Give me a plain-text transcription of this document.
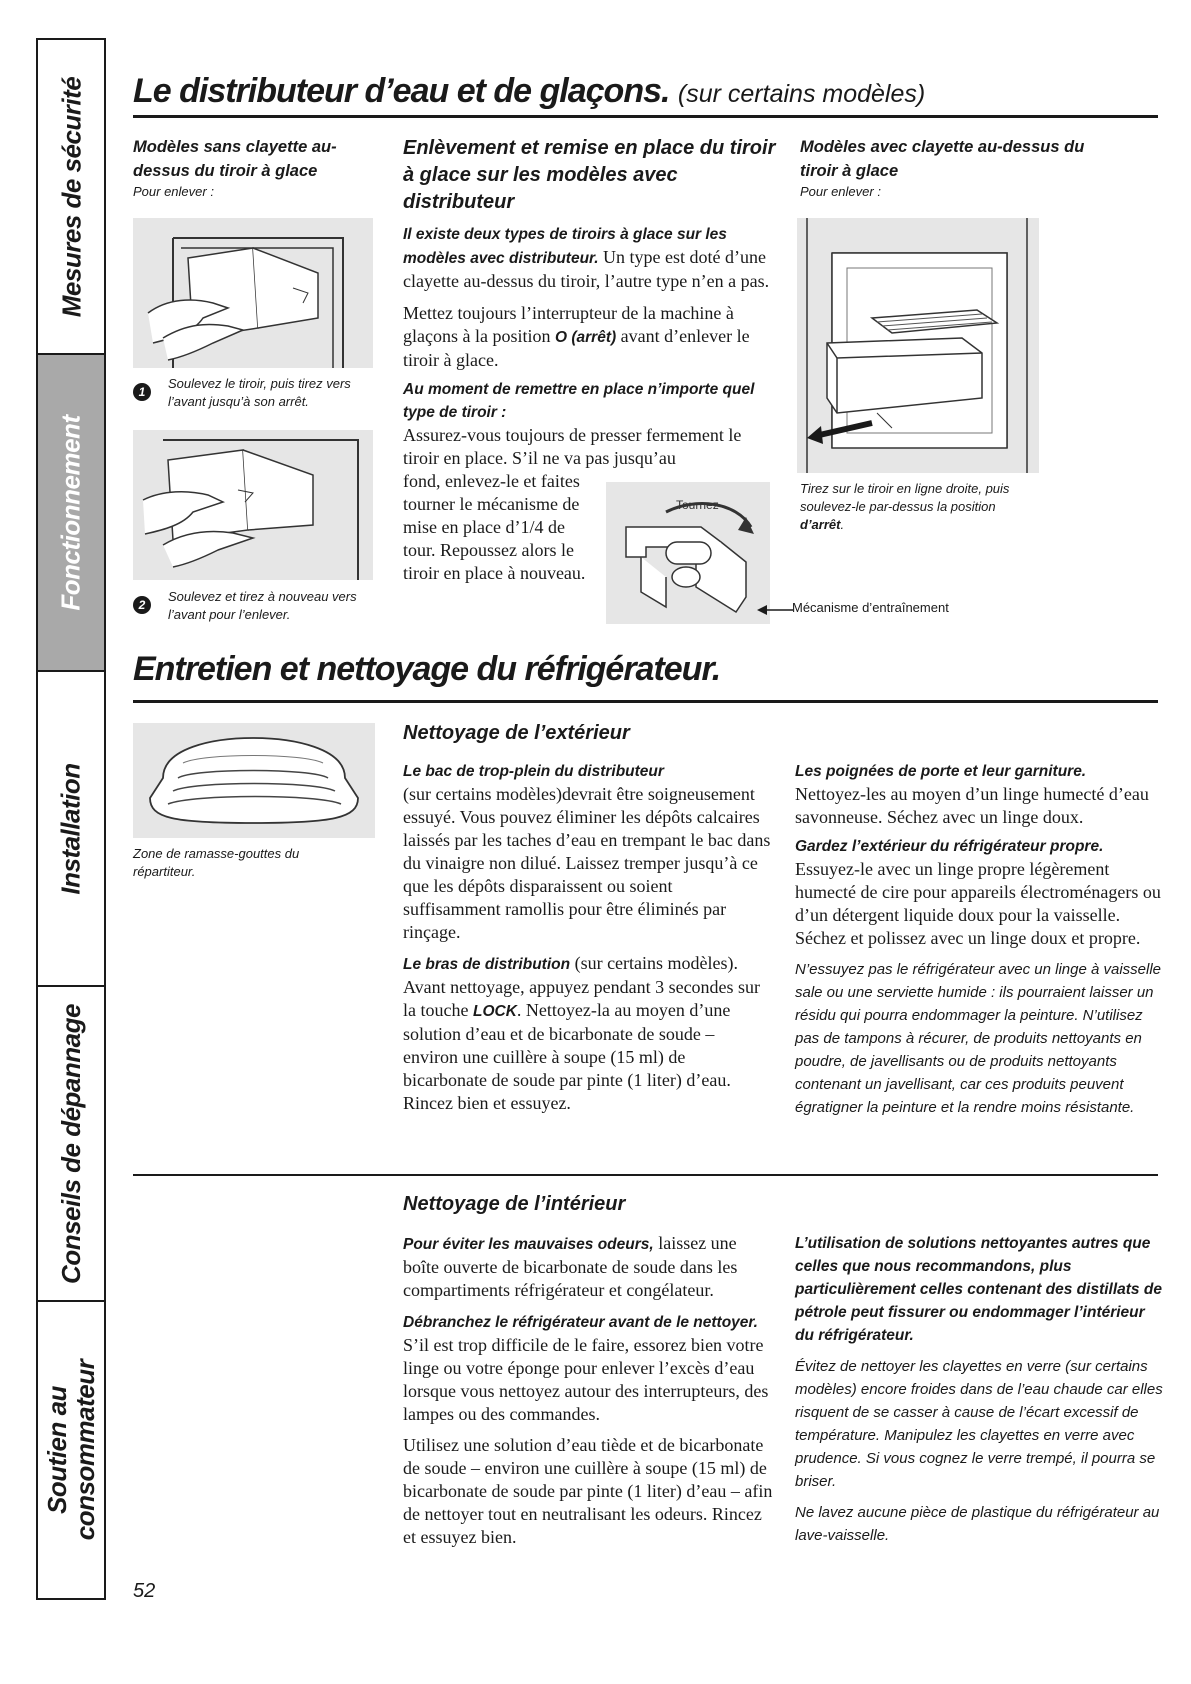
Mesures de sécurité
Fonctionnement
Installation
Conseils de dépannage
Soutien au consommateur
Le distributeur d’eau et de glaçons. (sur certains modèles)
Modèles sans clayette au-dessus du tiroir à glace
Pour enlever :
1
Soulevez le tiroir, puis tirez vers l’avant jusqu’à son arrêt.
2
Soulevez et tirez à nouveau vers l’avant pour l’enlever.
Enlèvement et remise en place du tiroir à glace sur les modèles avec distributeur

Il existe deux types de tiroirs à glace sur les modèles avec distributeur. Un type est doté d’une clayette au-dessus du tiroir, l’autre type n’en a pas.

Mettez toujours l’interrupteur de la machine à glaçons à la position O (arrêt) avant d’enlever le tiroir à glace.

Au moment de remettre en place n’importe quel type de tiroir :

Assurez-vous toujours de presser fermement le tiroir en place. S’il ne va pas jusqu’au

fond, enlevez-le et faites tourner le mécanisme de mise en place d’1/4 de tour. Repoussez alors le tiroir en place à nouveau.

Tournez
Mécanisme d’entraînement
Modèles avec clayette au-dessus du tiroir à glace
Pour enlever :
Tirez sur le tiroir en ligne droite, puis soulevez-le par-dessus la position d’arrêt.
Entretien et nettoyage du réfrigérateur.
Zone de ramasse-gouttes du répartiteur.
Nettoyage de l’extérieur
Le bac de trop-plein du distributeur

(sur certains modèles)devrait être soigneusement essuyé. Vous pouvez éliminer les dépôts calcaires laissés par les taches d’eau en trempant le bac dans du vinaigre non dilué. Laissez tremper jusqu’à ce que les dépôts disparaissent ou soient suffisamment ramollis pour être éliminés par rinçage.

Le bras de distribution (sur certains modèles). Avant nettoyage, appuyez pendant 3 secondes sur la touche LOCK. Nettoyez-la au moyen d’une solution d’eau et de bicarbonate de soude – environ une cuillère à soupe (15 ml) de bicarbonate de soude par pinte (1 liter) d’eau. Rincez bien et essuyez.

Les poignées de porte et leur garniture.

Nettoyez-les au moyen d’un linge humecté d’eau savonneuse. Séchez avec un linge doux.

Gardez l’extérieur du réfrigérateur propre.

Essuyez-le avec un linge propre légèrement humecté de cire pour appareils électroménagers ou d’un détergent liquide doux pour la vaisselle. Séchez et polissez avec un linge doux et propre.

N’essuyez pas le réfrigérateur avec un linge à vaisselle sale ou une serviette humide : ils pourraient laisser un résidu qui pourra endommager la peinture. N’utilisez pas de tampons à récurer, de produits nettoyants en poudre, de javellisants ou de produits nettoyants contenant un javellisant, car ces produits peuvent égratigner la peinture et la rendre moins résistante.

Nettoyage de l’intérieur

Pour éviter les mauvaises odeurs, laissez une boîte ouverte de bicarbonate de soude dans les compartiments réfrigérateur et congélateur.

Débranchez le réfrigérateur avant de le nettoyer. S’il est trop difficile de le faire, essorez bien votre linge ou votre éponge pour enlever l’excès d’eau lorsque vous nettoyez autour des interrupteurs, des lampes ou des commandes.

Utilisez une solution d’eau tiède et de bicarbonate de soude – environ une cuillère à soupe (15 ml) de bicarbonate de soude par pinte (1 liter) d’eau – afin de nettoyer tout en neutralisant les odeurs. Rincez et essuyez bien.

L’utilisation de solutions nettoyantes autres que celles que nous recommandons, plus particulièrement celles contenant des distillats de pétrole peut fissurer ou endommager l’intérieur du réfrigérateur.

Évitez de nettoyer les clayettes en verre (sur certains modèles) encore froides dans de l’eau chaude car elles risquent de se casser à cause de l’écart excessif de température. Manipulez les clayettes en verre avec prudence. Si vous cognez le verre trempé, il pourra se briser.

Ne lavez aucune pièce de plastique du réfrigérateur au lave-vaisselle.

52
